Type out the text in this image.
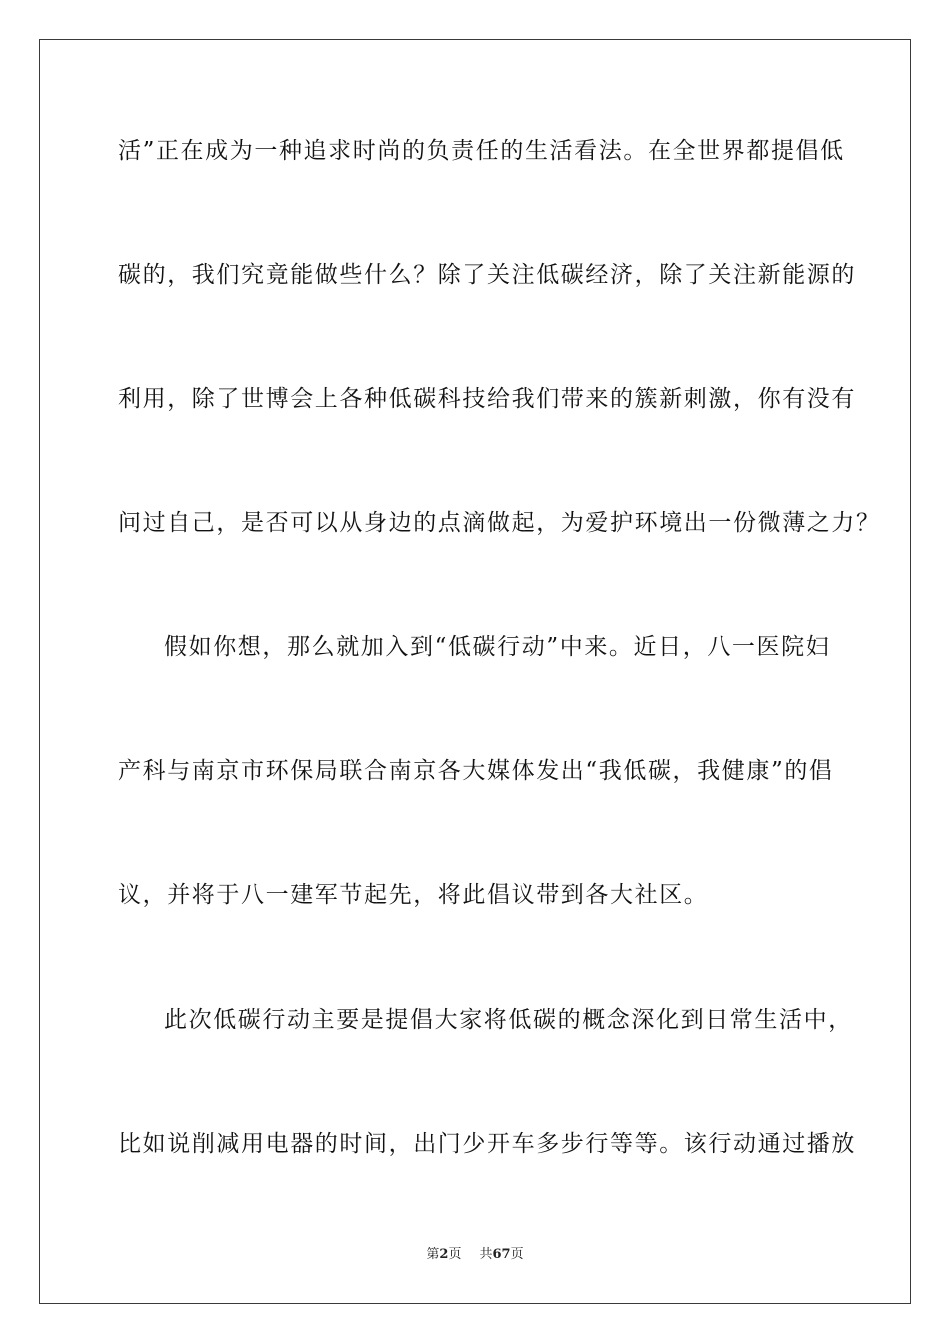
活”正在成为一种追求时尚的负责任的生活看法。在全世界都提倡低
碳的，我们究竟能做些什么？除了关注低碳经济，除了关注新能源的
利用，除了世博会上各种低碳科技给我们带来的簇新刺激，你有没有
问过自己，是否可以从身边的点滴做起，为爱护环境出一份微薄之力？
假如你想，那么就加入到“低碳行动”中来。近日，八一医院妇
产科与南京市环保局联合南京各大媒体发出“我低碳，我健康”的倡
议，并将于八一建军节起先，将此倡议带到各大社区。
此次低碳行动主要是提倡大家将低碳的概念深化到日常生活中，
比如说削减用电器的时间，出门少开车多步行等等。该行动通过播放
第2页 共67页
